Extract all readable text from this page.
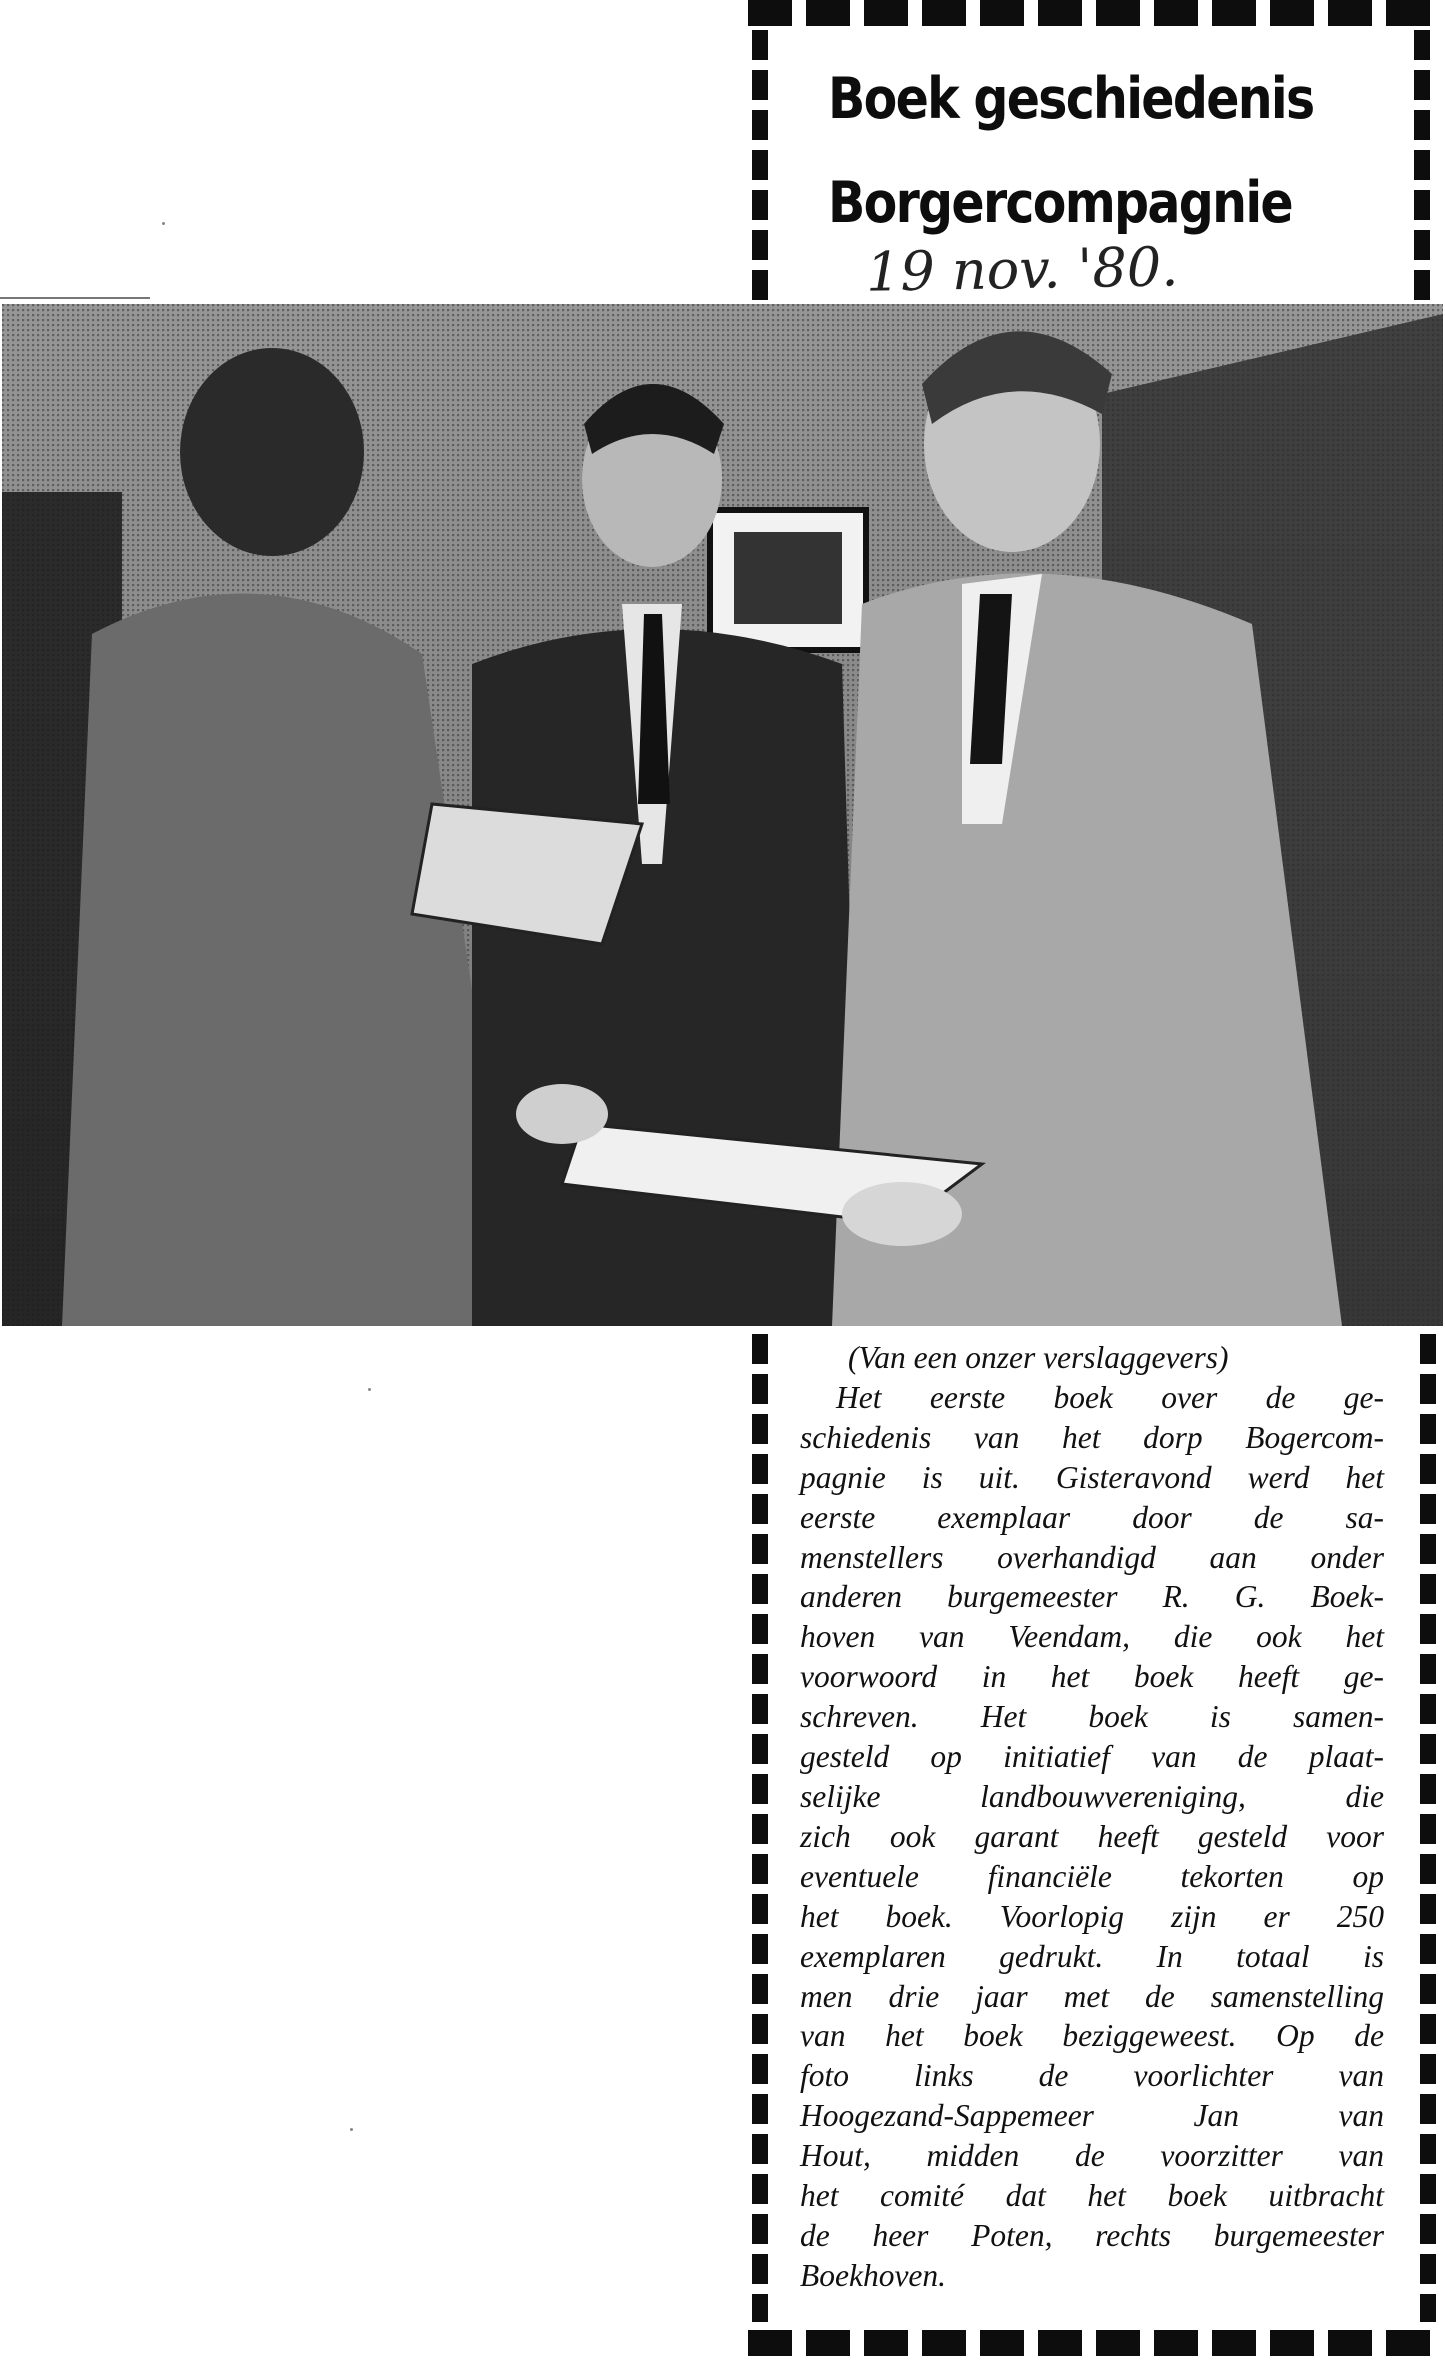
Boek geschiedenis
Borgercompagnie
19 nov. '80.
(Van een onzer verslaggevers)
Het eerste boek over de ge-
schiedenis van het dorp Bogercom-
pagnie is uit. Gisteravond werd het
eerste exemplaar door de sa-
menstellers overhandigd aan onder
anderen burgemeester R. G. Boek-
hoven van Veendam, die ook het
voorwoord in het boek heeft ge-
schreven. Het boek is samen-
gesteld op initiatief van de plaat-
selijke landbouwvereniging, die
zich ook garant heeft gesteld voor
eventuele financiële tekorten op
het boek. Voorlopig zijn er 250
exemplaren gedrukt. In totaal is
men drie jaar met de samenstelling
van het boek beziggeweest. Op de
foto links de voorlichter van
Hoogezand-Sappemeer Jan van
Hout, midden de voorzitter van
het comité dat het boek uitbracht
de heer Poten, rechts burgemeester
Boekhoven.
